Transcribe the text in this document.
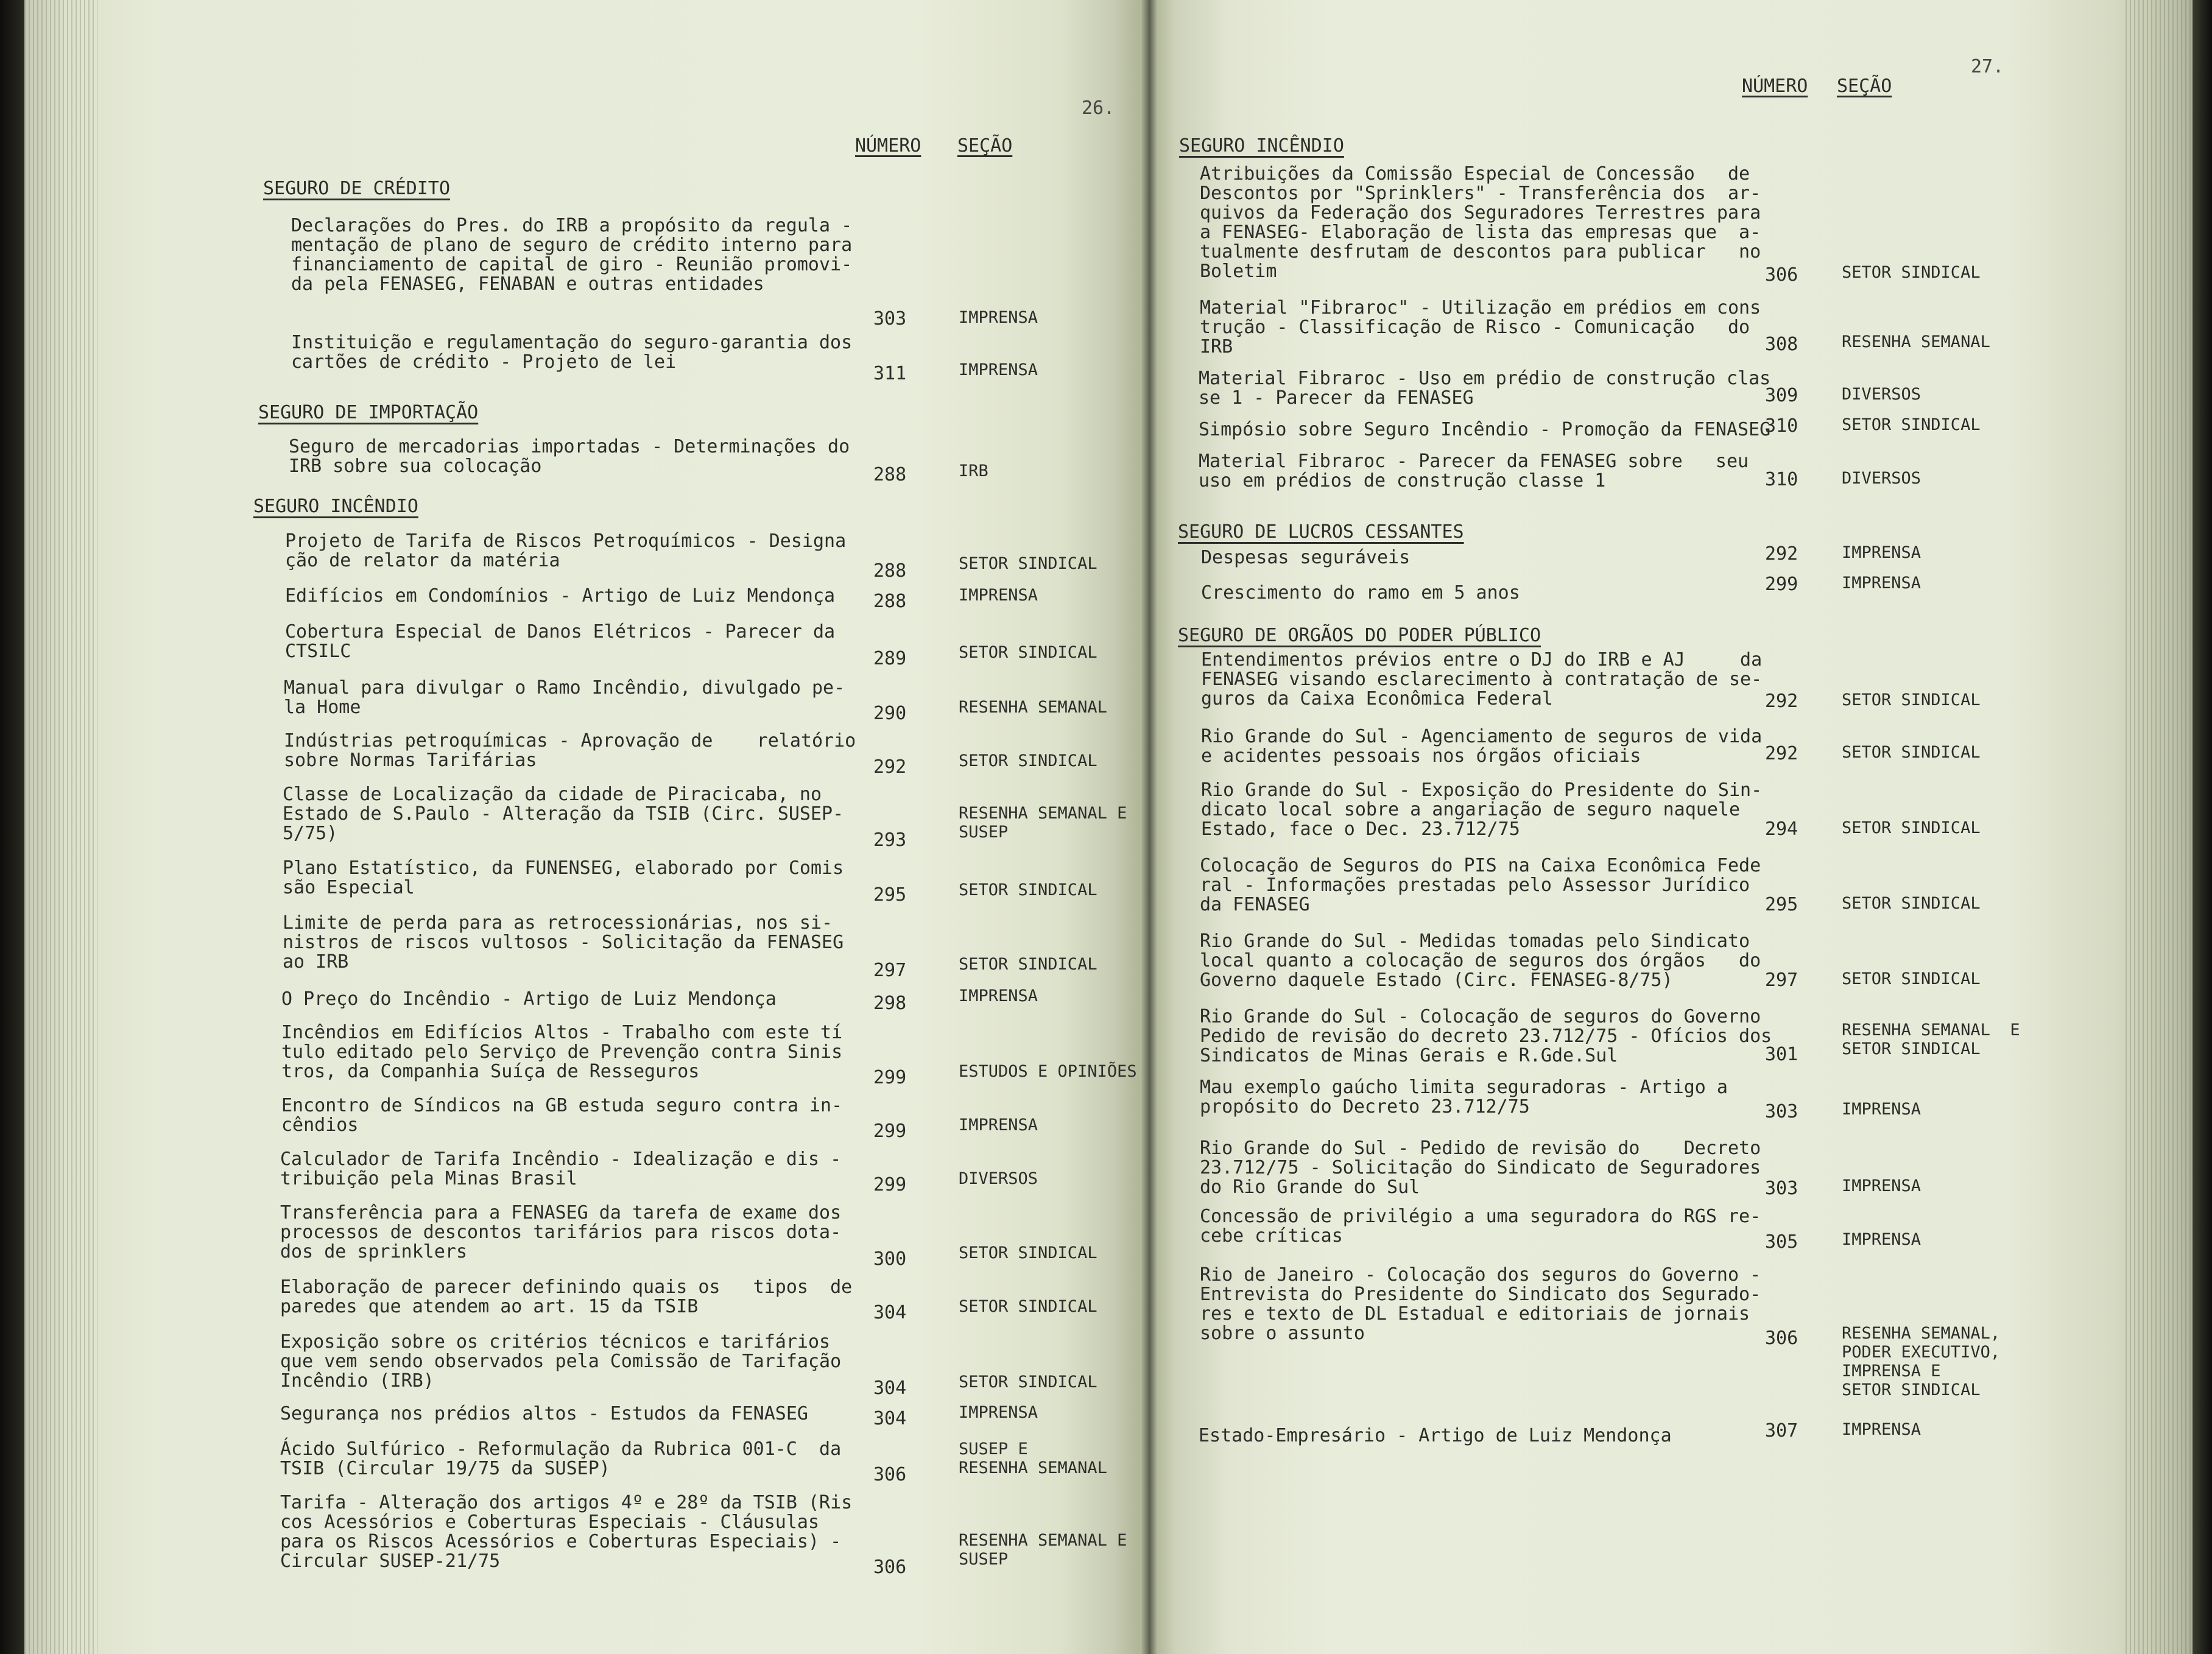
26.
NÚMERO SEÇÃO
SEGURO DE CRÉDITO
SEGURO DE IMPORTAÇÃO
SEGURO INCÊNDIO
Declarações do Pres. do IRB a propósito da regula -
mentação de plano de seguro de crédito interno para
financiamento de capital de giro - Reunião promovi-
da pela FENASEG, FENABAN e outras entidades
303	IMPRENSA
Instituição e regulamentação do seguro-garantia dos
cartões de crédito - Projeto de lei
311	IMPRENSA
Seguro de mercadorias importadas - Determinações do
IRB sobre sua colocação	288	IRB
Projeto de Tarifa de Riscos Petroquímicos - Designa
ção de relator da matéria	288	SETOR SINDICAL
Edifícios em Condomínios - Artigo de Luiz Mendonça 288	IMPRENSA
Cobertura Especial de Danos Elétricos - Parecer da
CTSILC	289	SETOR SINDICAL
Manual para divulgar o Ramo Incêndio, divulgado pe-
la Home	290	RESENHA SEMANAL
Indústrias petroquímicas - Aprovação de    relatório
sobre Normas Tarifárias	292	SETOR SINDICAL
Classe de Localização da cidade de Piracicaba, no
Estado de S.Paulo - Alteração da TSIB (Circ. SUSEP-
5/75)	293
RESENHA SEMANAL E
SUSEP
Plano Estatístico, da FUNENSEG, elaborado por Comis
são Especial	295	SETOR SINDICAL
Limite de perda para as retrocessionárias, nos si-
nistros de riscos vultosos - Solicitação da FENASEG
ao IRB	297	SETOR SINDICAL
O Preço do Incêndio - Artigo de Luiz Mendonça	298	IMPRENSA
Incêndios em Edifícios Altos - Trabalho com este tí
tulo editado pelo Serviço de Prevenção contra Sinis
tros, da Companhia Suíça de Resseguros	299	ESTUDOS E OPINIÕES
Encontro de Síndicos na GB estuda seguro contra in-
cêndios	299	IMPRENSA
Calculador de Tarifa Incêndio - Idealização e dis -
tribuição pela Minas Brasil	299	DIVERSOS
Transferência para a FENASEG da tarefa de exame dos
processos de descontos tarifários para riscos dota-
dos de sprinklers	300	SETOR SINDICAL
Elaboração de parecer definindo quais os   tipos  de
paredes que atendem ao art. 15 da TSIB	304	SETOR SINDICAL
Exposição sobre os critérios técnicos e tarifários
que vem sendo observados pela Comissão de Tarifação
Incêndio (IRB)	304	SETOR SINDICAL
Segurança nos prédios altos - Estudos da FENASEG	304	IMPRENSA
Ácido Sulfúrico - Reformulação da Rubrica 001-C  da
TSIB (Circular 19/75 da SUSEP)	306
SUSEP E
RESENHA SEMANAL
Tarifa - Alteração dos artigos 4º e 28º da TSIB (Ris
cos Acessórios e Coberturas Especiais - Cláusulas
para os Riscos Acessórios e Coberturas Especiais) -
Circular SUSEP-21/75	306
RESENHA SEMANAL E
SUSEP
27.
NÚMERO SEÇÃO
SEGURO INCÊNDIO
SEGURO DE LUCROS CESSANTES
SEGURO DE ORGÃOS DO PODER PÚBLICO
Atribuições da Comissão Especial de Concessão   de
Descontos por "Sprinklers" - Transferência dos  ar-
quivos da Federação dos Seguradores Terrestres para
a FENASEG- Elaboração de lista das empresas que  a-
tualmente desfrutam de descontos para publicar   no
Boletim	306	SETOR SINDICAL
Material "Fibraroc" - Utilização em prédios em cons
trução - Classificação de Risco - Comunicação   do
IRB	308	RESENHA SEMANAL
Material Fibraroc - Uso em prédio de construção clas
se 1 - Parecer da FENASEG	309	DIVERSOS
Simpósio sobre Seguro Incêndio - Promoção da FENASEG
310	SETOR SINDICAL
Material Fibraroc - Parecer da FENASEG sobre   seu
uso em prédios de construção classe 1	310	DIVERSOS
Despesas seguráveis	292	IMPRENSA
Crescimento do ramo em 5 anos	299	IMPRENSA
Entendimentos prévios entre o DJ do IRB e AJ     da
FENASEG visando esclarecimento à contratação de se-
guros da Caixa Econômica Federal	292	SETOR SINDICAL
Rio Grande do Sul - Agenciamento de seguros de vida
e acidentes pessoais nos órgãos oficiais	292	SETOR SINDICAL
Rio Grande do Sul - Exposição do Presidente do Sin-
dicato local sobre a angariação de seguro naquele
Estado, face o Dec. 23.712/75	294	SETOR SINDICAL
Colocação de Seguros do PIS na Caixa Econômica Fede
ral - Informações prestadas pelo Assessor Jurídico
da FENASEG	295	SETOR SINDICAL
Rio Grande do Sul - Medidas tomadas pelo Sindicato
local quanto a colocação de seguros dos órgãos   do
Governo daquele Estado (Circ. FENASEG-8/75)	297	SETOR SINDICAL
Rio Grande do Sul - Colocação de seguros do Governo
Pedido de revisão do decreto 23.712/75 - Ofícios dos
Sindicatos de Minas Gerais e R.Gde.Sul	301
RESENHA SEMANAL  E
SETOR SINDICAL
Mau exemplo gaúcho limita seguradoras - Artigo a
propósito do Decreto 23.712/75	303	IMPRENSA
Rio Grande do Sul - Pedido de revisão do    Decreto
23.712/75 - Solicitação do Sindicato de Seguradores
do Rio Grande do Sul	303	IMPRENSA
Concessão de privilégio a uma seguradora do RGS re-
cebe críticas	305	IMPRENSA
Rio de Janeiro - Colocação dos seguros do Governo -
Entrevista do Presidente do Sindicato dos Segurado-
res e texto de DL Estadual e editoriais de jornais
sobre o assunto	306	RESENHA SEMANAL,
PODER EXECUTIVO,
IMPRENSA E
SETOR SINDICAL
Estado-Empresário - Artigo de Luiz Mendonça	307	IMPRENSA
